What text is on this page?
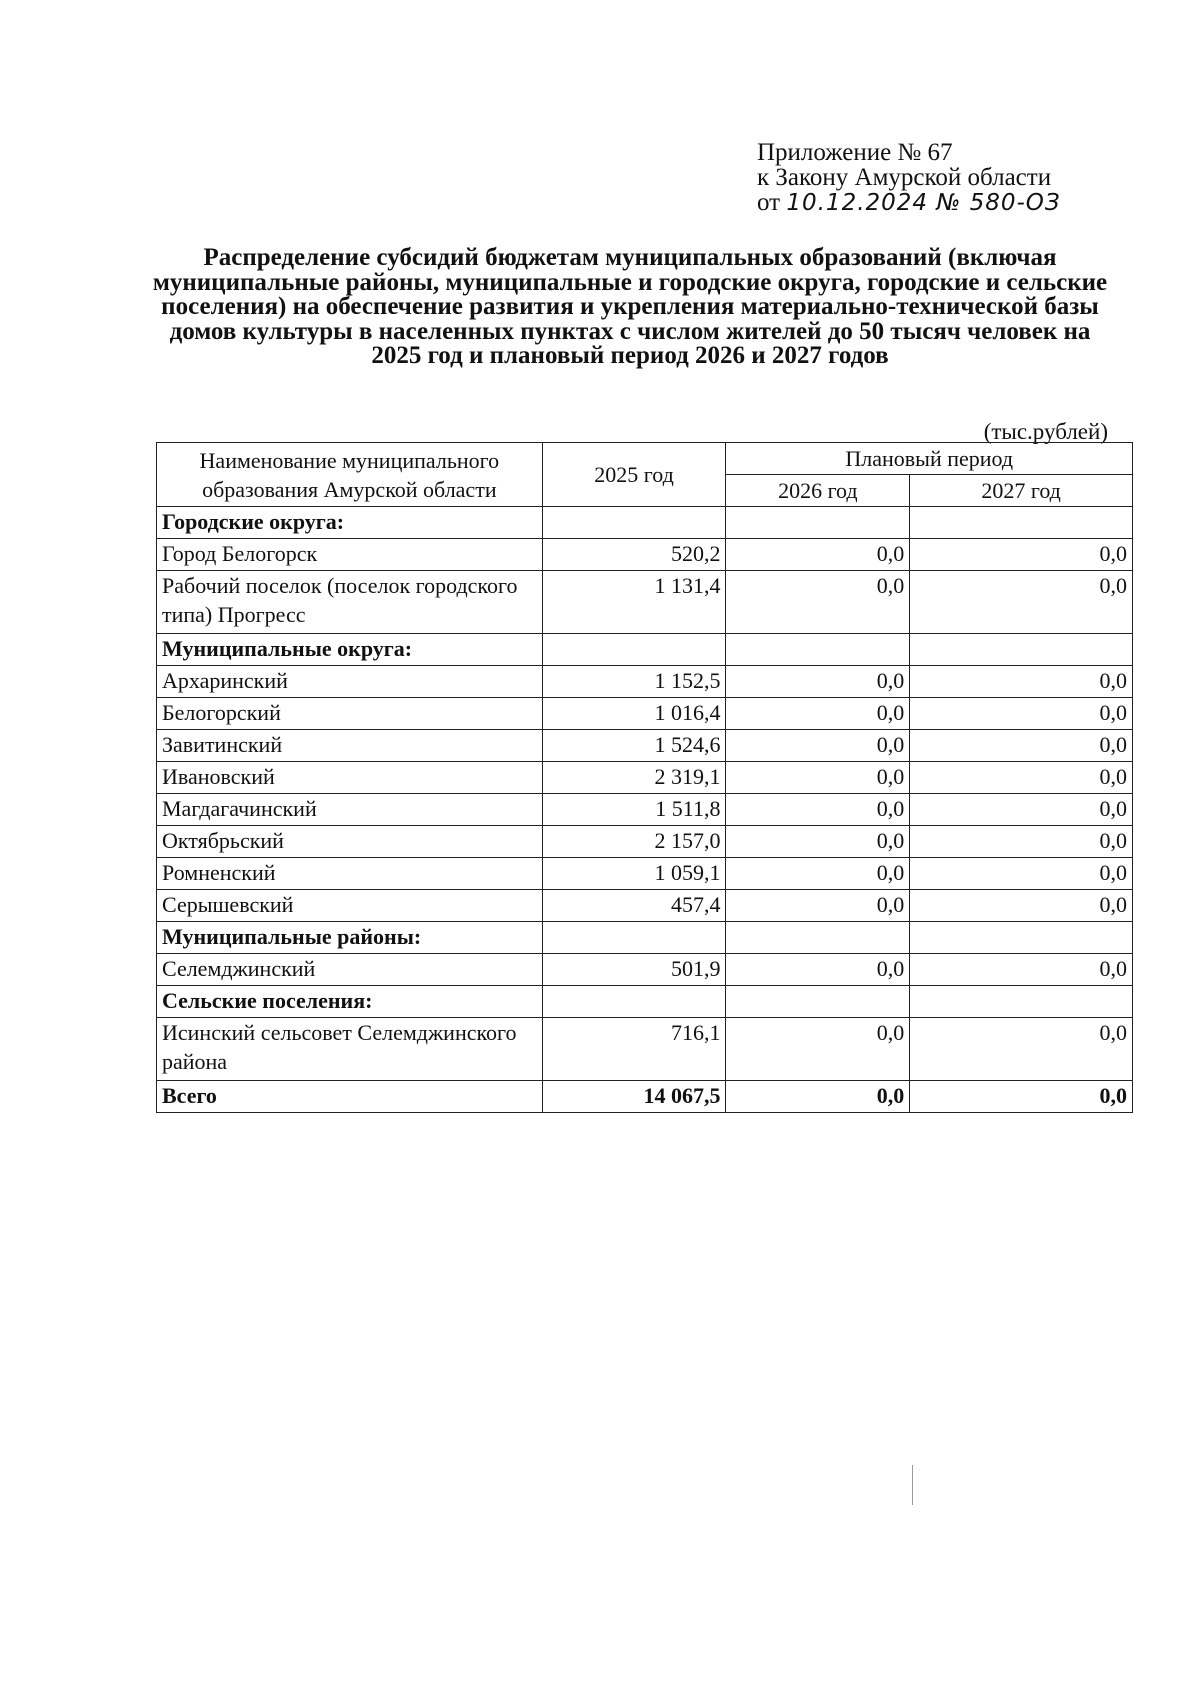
Приложение № 67
к Закону Амурской области
от 10.12.2024 № 580-ОЗ
Распределение субсидий бюджетам муниципальных образований (включая муниципальные районы, муниципальные и городские округа, городские и сельские поселения) на обеспечение развития и укрепления материально-технической базы домов культуры в населенных пунктах с числом жителей до 50 тысяч человек на 2025 год и плановый период 2026 и 2027 годов
(тыс.рублей)
Наименование муниципального образования Амурской области	2025 год	Плановый период	
		2026 год	2027 год
Городские округа:			
Город Белогорск	520,2	0,0	0,0
Рабочий поселок (поселок городского типа) Прогресс	1 131,4	0,0	0,0
Муниципальные округа:			
Архаринский	1 152,5	0,0	0,0
Белогорский	1 016,4	0,0	0,0
Завитинский	1 524,6	0,0	0,0
Ивановский	2 319,1	0,0	0,0
Магдагачинский	1 511,8	0,0	0,0
Октябрьский	2 157,0	0,0	0,0
Ромненский	1 059,1	0,0	0,0
Серышевский	457,4	0,0	0,0
Муниципальные районы:			
Селемджинский	501,9	0,0	0,0
Сельские поселения:			
Исинский сельсовет Селемджинского района	716,1	0,0	0,0
Всего	14 067,5	0,0	0,0
